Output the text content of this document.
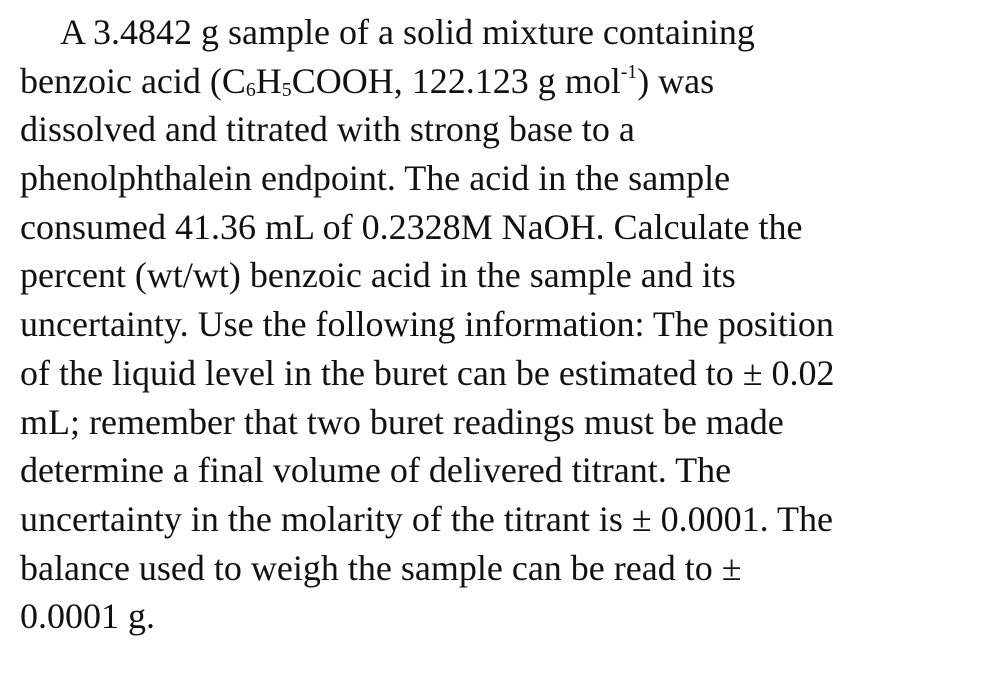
A 3.4842 g sample of a solid mixture containing
benzoic acid ($C_6H_5COOH$, 122.123 g mol$^{-1}$) was
dissolved and titrated with strong base to a
phenolphthalein endpoint. The acid in the sample
consumed 41.36 mL of 0.2328M NaOH. Calculate the
percent (wt/wt) benzoic acid in the sample and its
uncertainty. Use the following information: The position
of the liquid level in the buret can be estimated to ± 0.02
mL; remember that two buret readings must be made
determine a final volume of delivered titrant. The
uncertainty in the molarity of the titrant is ± 0.0001. The
balance used to weigh the sample can be read to ±
0.0001 g.
